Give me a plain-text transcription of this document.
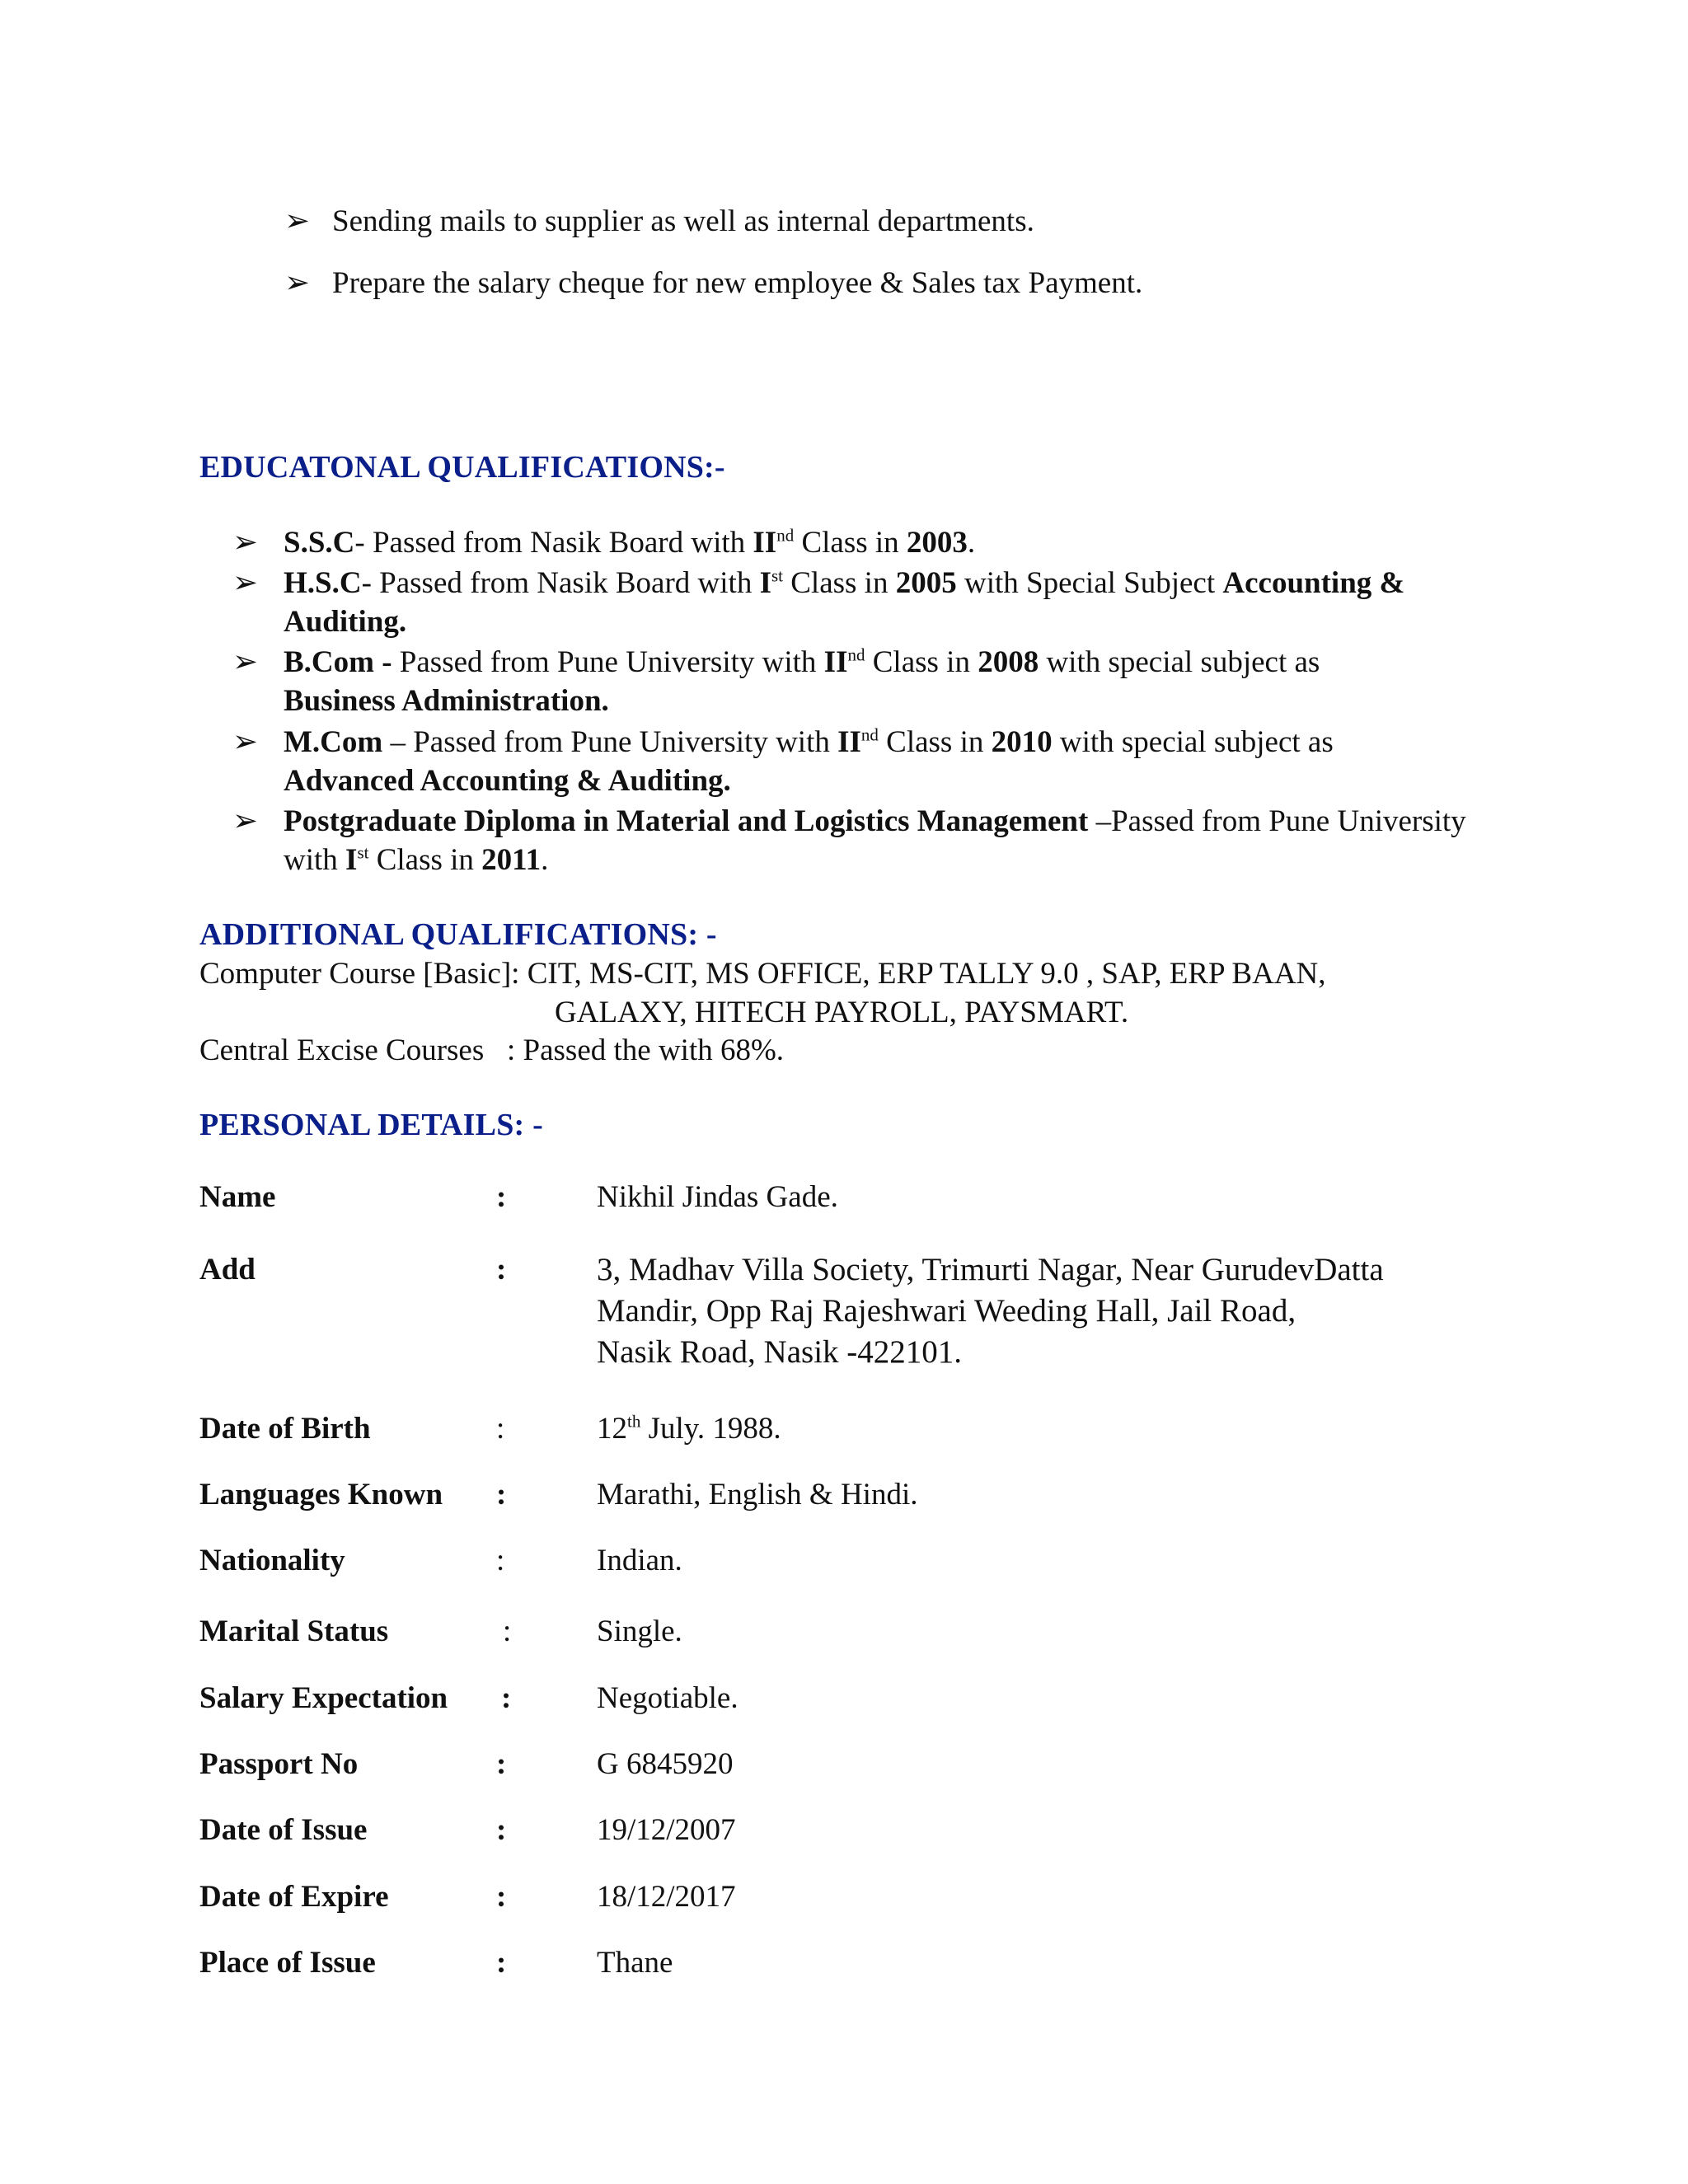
➢ Sending mails to supplier as well as internal departments.
➢ Prepare the salary cheque for new employee & Sales tax Payment.
EDUCATONAL QUALIFICATIONS:-
➢ S.S.C- Passed from Nasik Board with IInd Class in 2003.
➢ H.S.C- Passed from Nasik Board with Ist Class in 2005 with Special Subject Accounting & Auditing.
➢ B.Com - Passed from Pune University with IInd Class in 2008 with special subject as
Business Administration.
➢ M.Com – Passed from Pune University with IInd Class in 2010 with special subject as
Advanced Accounting & Auditing.
➢ Postgraduate Diploma in Material and Logistics Management –Passed from Pune University with Ist Class in 2011.
ADDITIONAL QUALIFICATIONS: -
Computer Course [Basic]: CIT, MS-CIT, MS OFFICE, ERP TALLY 9.0 , SAP, ERP BAAN,
GALAXY, HITECH PAYROLL, PAYSMART.
Central Excise Courses   : Passed the with 68%.
PERSONAL DETAILS: -
Name	:	Nikhil Jindas Gade.
Add	:	3, Madhav Villa Society, Trimurti Nagar, Near GurudevDatta
Mandir, Opp Raj Rajeshwari Weeding Hall, Jail Road,
Nasik Road, Nasik -422101.
Date of Birth	:	12th July. 1988.
Languages Known :	Marathi, English & Hindi.
Nationality	:	Indian.
Marital Status	:	Single.
Salary Expectation :	Negotiable.
Passport No	:	G 6845920
Date of Issue	:	19/12/2007
Date of Expire	:	18/12/2017
Place of Issue	:	Thane
